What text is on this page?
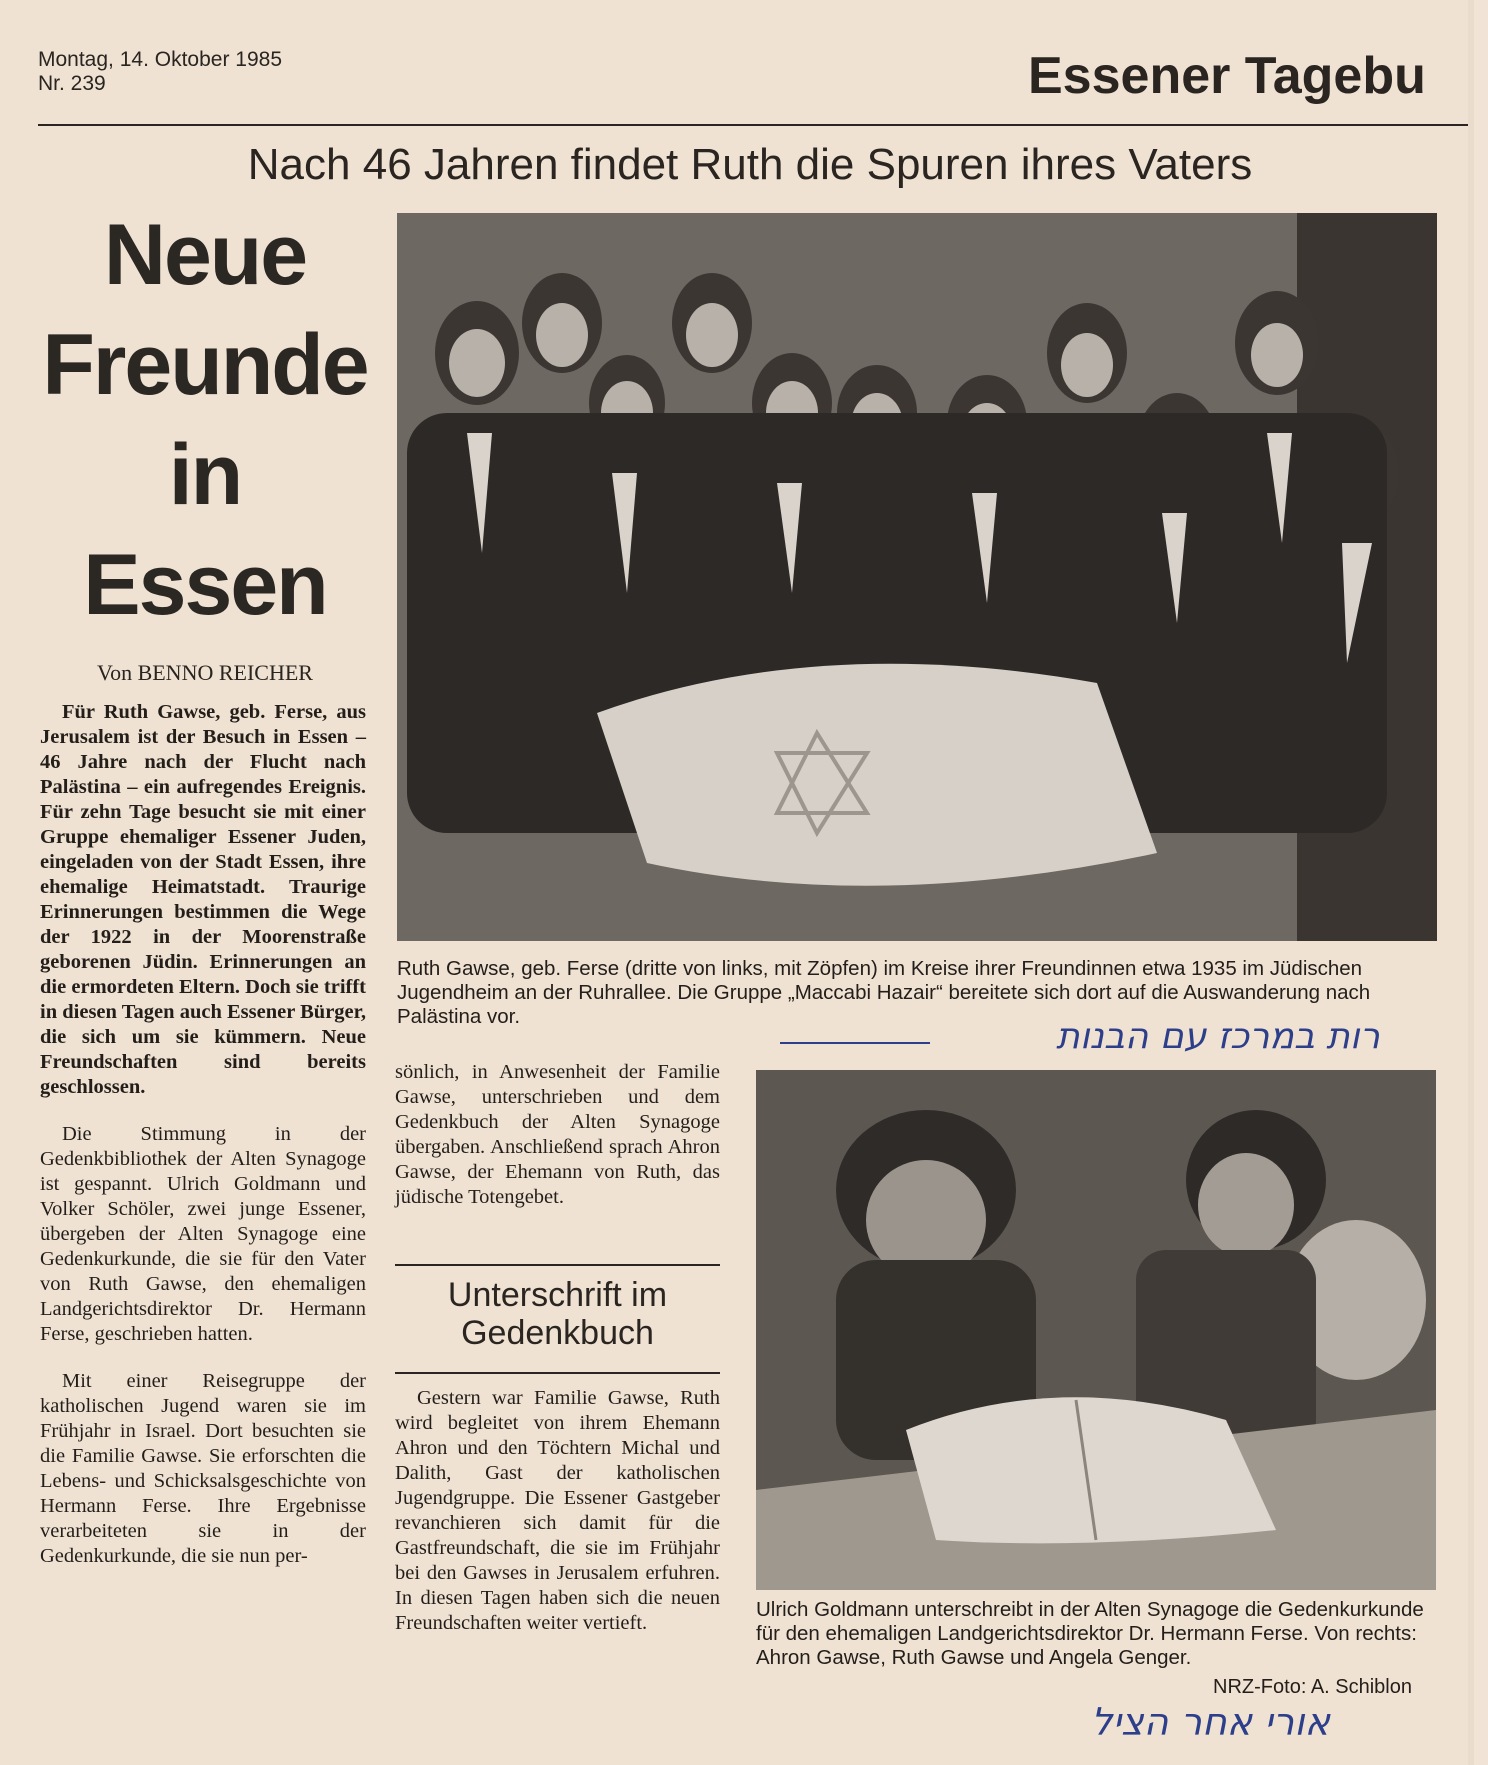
Montag, 14. Oktober 1985
Nr. 239	Essener Tagebu
Nach 46 Jahren findet Ruth die Spuren ihres Vaters
Neue
Freunde
in
Essen
Von BENNO REICHER

Für Ruth Gawse, geb. Ferse, aus Jerusalem ist der Besuch in Essen – 46 Jahre nach der Flucht nach Palästina – ein aufregendes Ereignis. Für zehn Tage besucht sie mit einer Gruppe ehemaliger Essener Juden, eingeladen von der Stadt Essen, ihre ehemalige Heimatstadt. Traurige Erinnerungen bestimmen die Wege der 1922 in der Moorenstraße geborenen Jüdin. Erinnerungen an die ermordeten Eltern. Doch sie trifft in diesen Tagen auch Essener Bürger, die sich um sie kümmern. Neue Freundschaften sind bereits geschlossen.

Die Stimmung in der Gedenkbibliothek der Alten Synagoge ist gespannt. Ulrich Goldmann und Volker Schöler, zwei junge Essener, übergeben der Alten Synagoge eine Gedenkurkunde, die sie für den Vater von Ruth Gawse, den ehemaligen Landgerichtsdirektor Dr. Hermann Ferse, geschrieben hatten.

Mit einer Reisegruppe der katholischen Jugend waren sie im Frühjahr in Israel. Dort besuchten sie die Familie Gawse. Sie erforschten die Lebens- und Schicksalsgeschichte von Hermann Ferse. Ihre Ergebnisse verarbeiteten sie in der Gedenkurkunde, die sie nun per-

sönlich, in Anwesenheit der Familie Gawse, unterschrieben und dem Gedenkbuch der Alten Synagoge übergaben. Anschließend sprach Ahron Gawse, der Ehemann von Ruth, das jüdische Totengebet.

Unterschrift im Gedenkbuch

Gestern war Familie Gawse, Ruth wird begleitet von ihrem Ehemann Ahron und den Töchtern Michal und Dalith, Gast der katholischen Jugendgruppe. Die Essener Gastgeber revanchieren sich damit für die Gastfreundschaft, die sie im Frühjahr bei den Gawses in Jerusalem erfuhren. In diesen Tagen haben sich die neuen Freundschaften weiter vertieft.

Ruth Gawse, geb. Ferse (dritte von links, mit Zöpfen) im Kreise ihrer Freundinnen etwa 1935 im Jüdischen Jugendheim an der Ruhrallee. Die Gruppe „Maccabi Hazair“ bereitete sich dort auf die Auswanderung nach Palästina vor.	רות במרכז עם הבנות
Ulrich Goldmann unterschreibt in der Alten Synagoge die Gedenkurkunde für den ehemaligen Landgerichtsdirektor Dr. Hermann Ferse. Von rechts: Ahron Gawse, Ruth Gawse und Angela Genger.
NRZ-Foto: A. Schiblon
אורי אחר הציל
